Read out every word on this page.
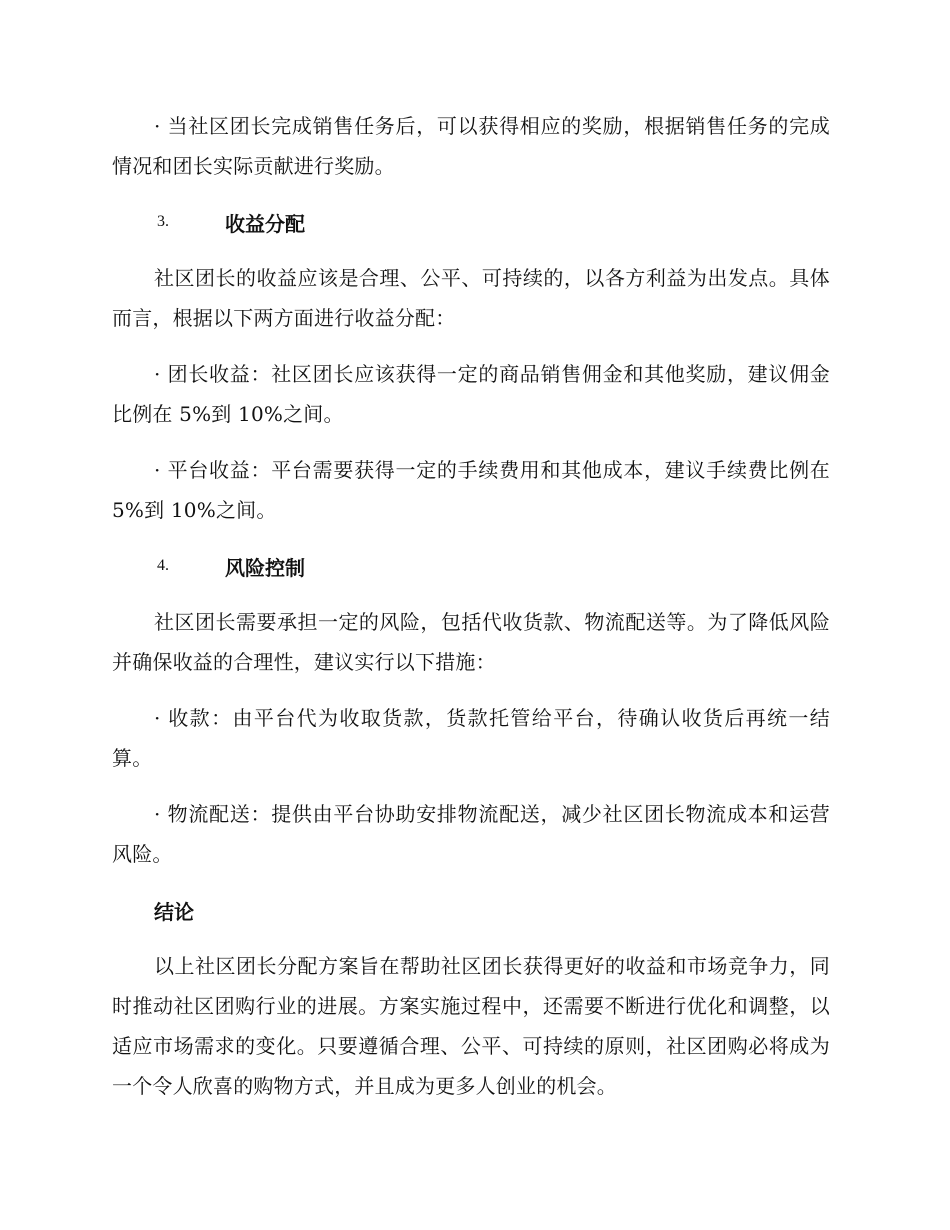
· 当社区团长完成销售任务后，可以获得相应的奖励，根据销售任务的完成情况和团长实际贡献进行奖励。

3.	收益分配

社区团长的收益应该是合理、公平、可持续的，以各方利益为出发点。具体而言，根据以下两方面进行收益分配：

· 团长收益：社区团长应该获得一定的商品销售佣金和其他奖励，建议佣金比例在 5%到 10%之间。

· 平台收益：平台需要获得一定的手续费用和其他成本，建议手续费比例在 5%到 10%之间。

4.	风险控制

社区团长需要承担一定的风险，包括代收货款、物流配送等。为了降低风险并确保收益的合理性，建议实行以下措施：

· 收款：由平台代为收取货款，货款托管给平台，待确认收货后再统一结算。

· 物流配送：提供由平台协助安排物流配送，减少社区团长物流成本和运营风险。

结论

以上社区团长分配方案旨在帮助社区团长获得更好的收益和市场竞争力，同时推动社区团购行业的进展。方案实施过程中，还需要不断进行优化和调整，以适应市场需求的变化。只要遵循合理、公平、可持续的原则，社区团购必将成为一个令人欣喜的购物方式，并且成为更多人创业的机会。
